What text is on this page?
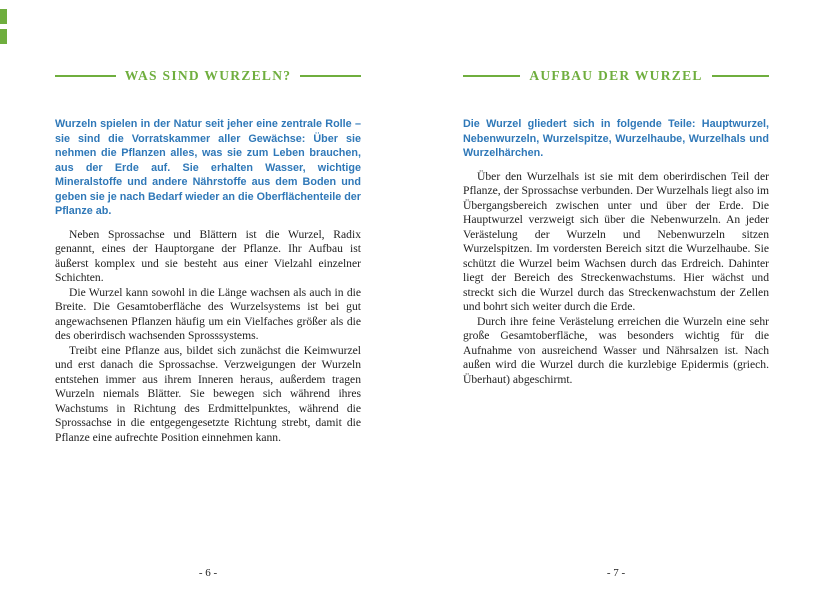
WAS SIND WURZELN?

Wurzeln spielen in der Natur seit jeher eine zentrale Rolle – sie sind die Vorratskammer aller Gewächse: Über sie nehmen die Pflanzen alles, was sie zum Leben brauchen, aus der Erde auf. Sie erhalten Wasser, wichtige Mineralstoffe und andere Nährstoffe aus dem Boden und geben sie je nach Bedarf wieder an die Oberflächenteile der Pflanze ab.

Neben Sprossachse und Blättern ist die Wurzel, Radix genannt, eines der Hauptorgane der Pflanze. Ihr Aufbau ist äußerst komplex und sie besteht aus einer Vielzahl einzelner Schichten.

Die Wurzel kann sowohl in die Länge wachsen als auch in die Breite. Die Gesamtoberfläche des Wurzelsystems ist bei gut angewachsenen Pflanzen häufig um ein Vielfaches größer als die des oberirdisch wachsenden Sprosssystems.

Treibt eine Pflanze aus, bildet sich zunächst die Keimwurzel und erst danach die Sprossachse. Verzweigungen der Wurzeln entstehen immer aus ihrem Inneren heraus, außerdem tragen Wurzeln niemals Blätter. Sie bewegen sich während ihres Wachstums in Richtung des Erdmittelpunktes, während die Sprossachse in die entgegengesetzte Richtung strebt, damit die Pflanze eine aufrechte Position einnehmen kann.

AUFBAU DER WURZEL

Die Wurzel gliedert sich in folgende Teile: Hauptwurzel, Nebenwurzeln, Wurzelspitze, Wurzelhaube, Wurzelhals und Wurzelhärchen.

Über den Wurzelhals ist sie mit dem oberirdischen Teil der Pflanze, der Sprossachse verbunden. Der Wurzelhals liegt also im Übergangsbereich zwischen unter und über der Erde. Die Hauptwurzel verzweigt sich über die Nebenwurzeln. An jeder Verästelung der Wurzeln und Nebenwurzeln sitzen Wurzelspitzen. Im vordersten Bereich sitzt die Wurzelhaube. Sie schützt die Wurzel beim Wachsen durch das Erdreich. Dahinter liegt der Bereich des Streckenwachstums. Hier wächst und streckt sich die Wurzel durch das Streckenwachstum der Zellen und bohrt sich weiter durch die Erde.

Durch ihre feine Verästelung erreichen die Wurzeln eine sehr große Gesamtoberfläche, was besonders wichtig für die Aufnahme von ausreichend Wasser und Nährsalzen ist. Nach außen wird die Wurzel durch die kurzlebige Epidermis (griech. Überhaut) abgeschirmt.

- 6 -	- 7 -
